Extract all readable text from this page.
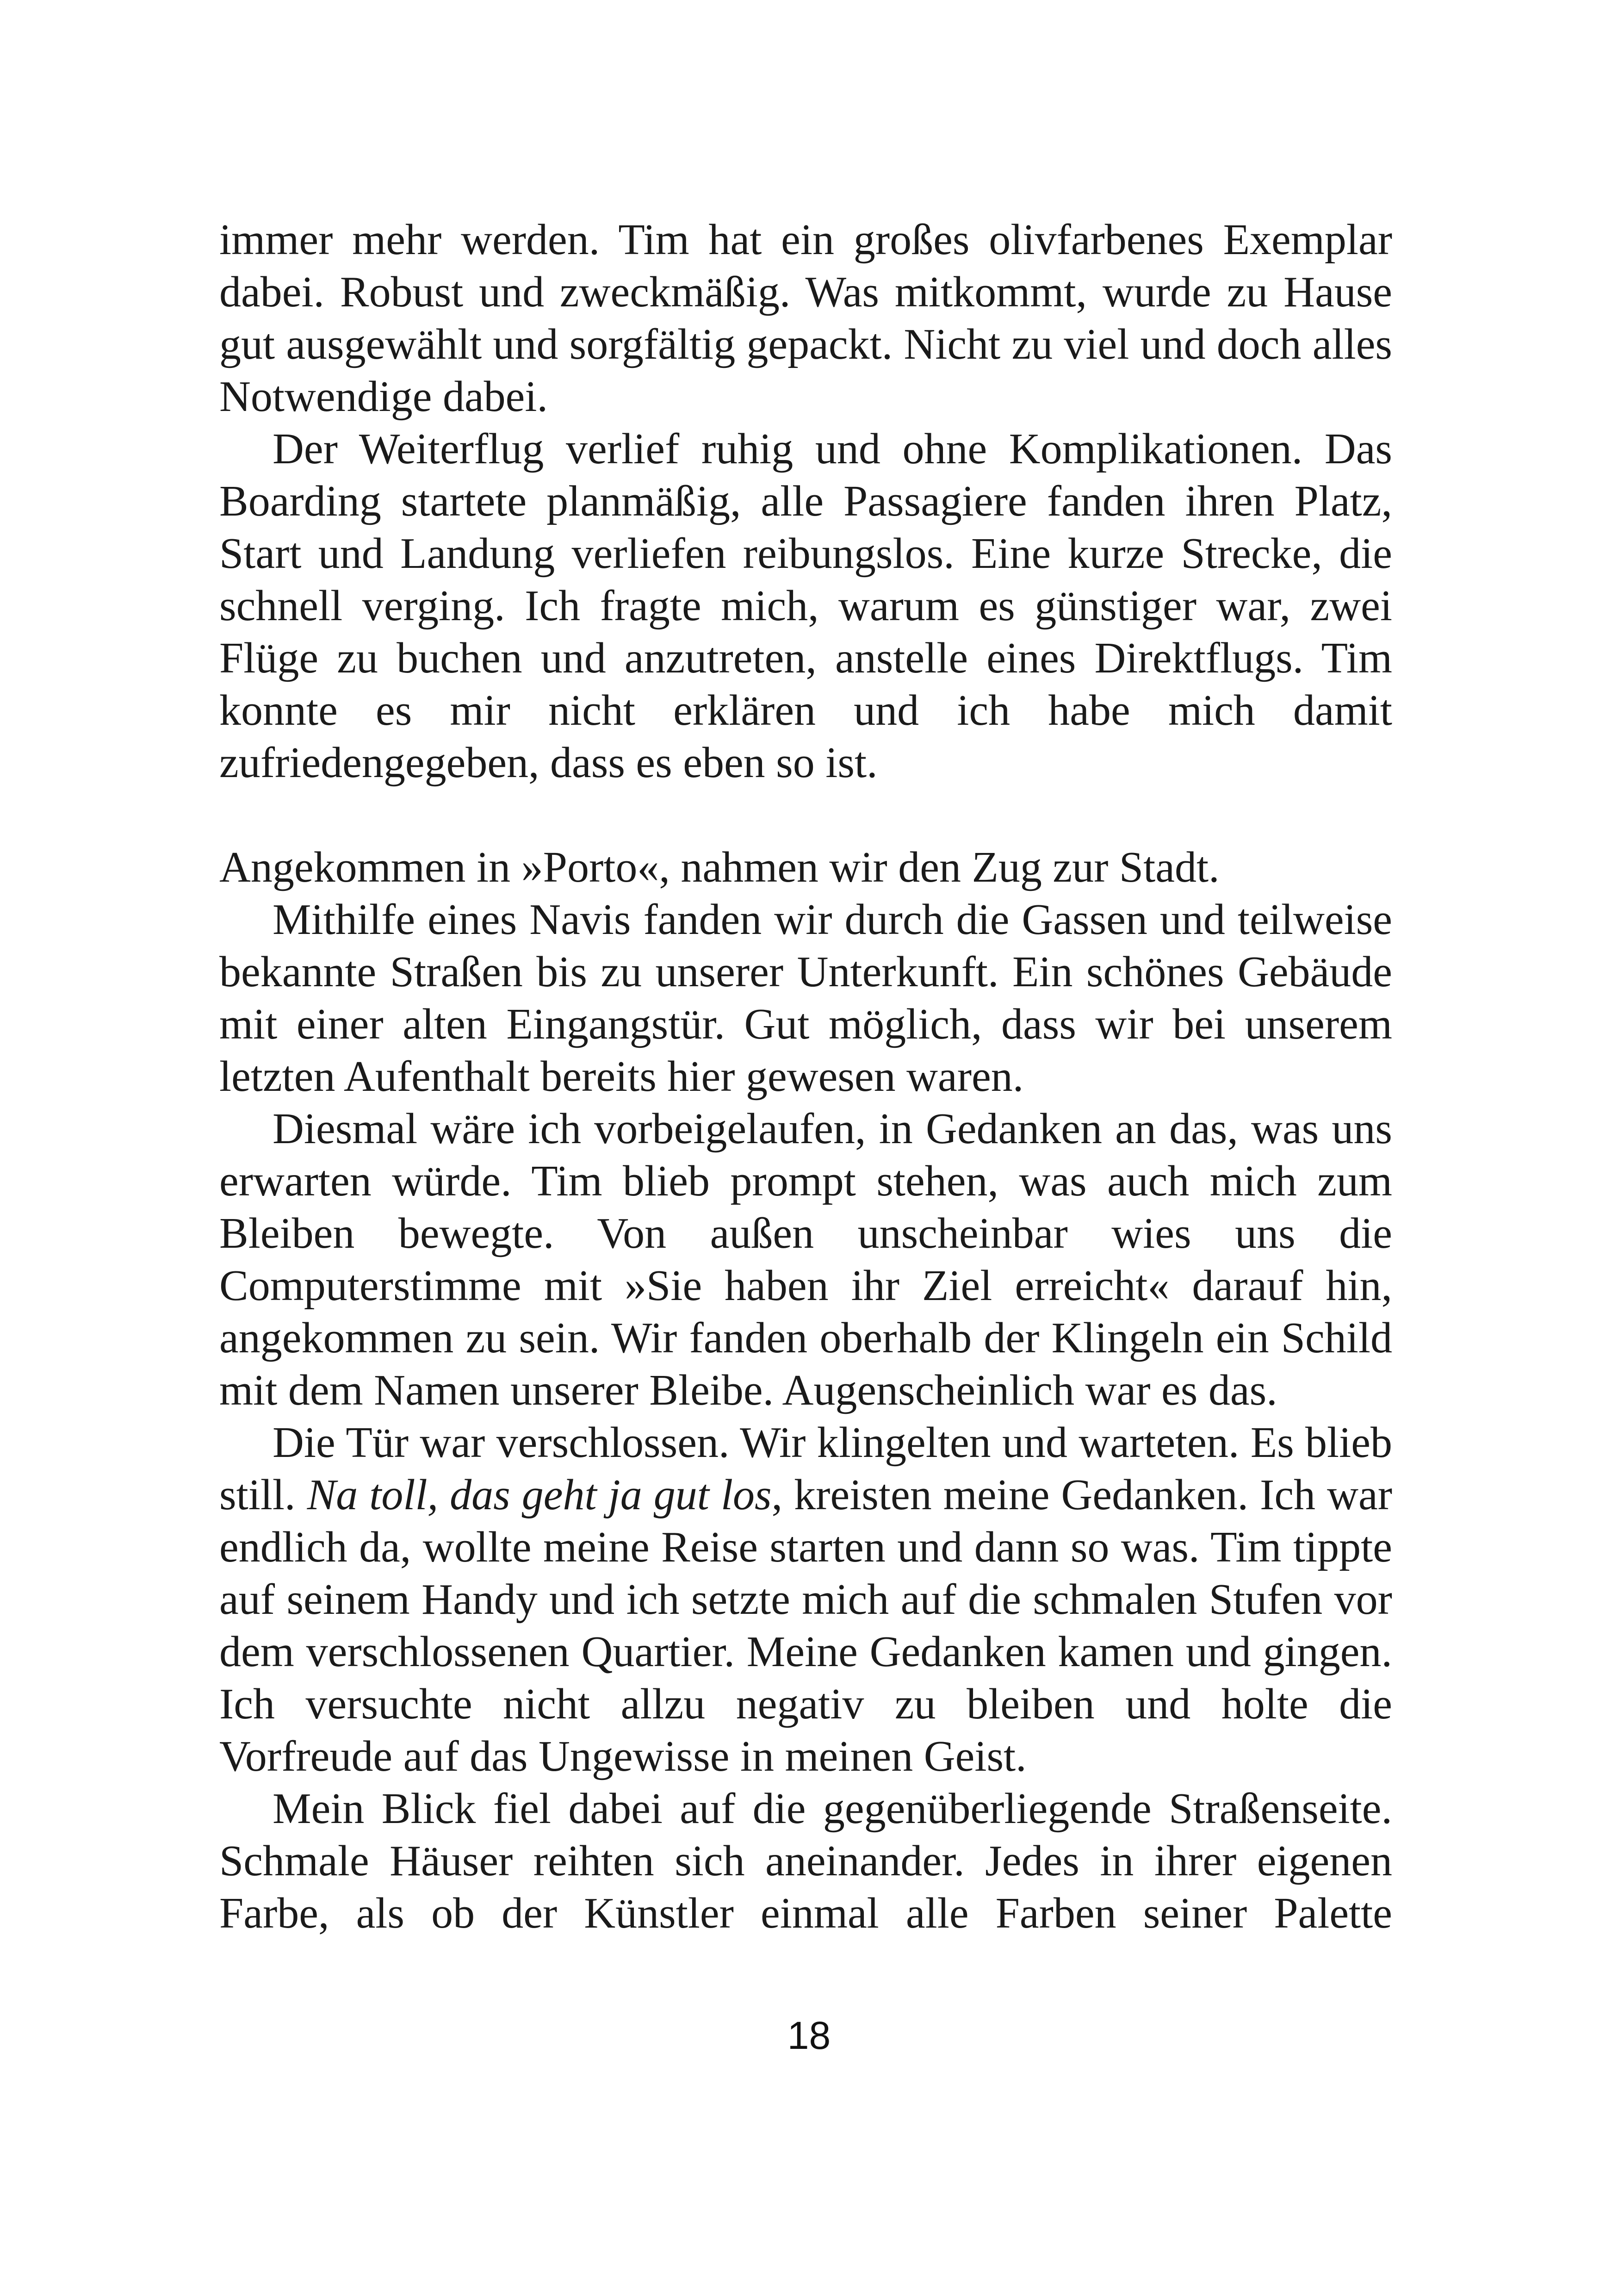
immer mehr werden. Tim hat ein großes olivfarbenes Exemplar dabei. Robust und zweckmäßig. Was mitkommt, wurde zu Hause gut ausgewählt und sorgfältig gepackt. Nicht zu viel und doch alles Notwendige dabei.

Der Weiterflug verlief ruhig und ohne Komplikationen. Das Boarding startete planmäßig, alle Passagiere fanden ihren Platz, Start und Landung verliefen reibungslos. Eine kurze Strecke, die schnell verging. Ich fragte mich, warum es günstiger war, zwei Flüge zu buchen und anzutreten, anstelle eines Direktflugs. Tim konnte es mir nicht erklären und ich habe mich damit zufriedengegeben, dass es eben so ist.

Angekommen in »Porto«, nahmen wir den Zug zur Stadt.

Mithilfe eines Navis fanden wir durch die Gassen und teilweise bekannte Straßen bis zu unserer Unterkunft. Ein schönes Gebäude mit einer alten Eingangstür. Gut möglich, dass wir bei unserem letzten Aufenthalt bereits hier gewesen waren.

Diesmal wäre ich vorbeigelaufen, in Gedanken an das, was uns erwarten würde. Tim blieb prompt stehen, was auch mich zum Bleiben bewegte. Von außen unscheinbar wies uns die Computerstimme mit »Sie haben ihr Ziel erreicht« darauf hin, angekommen zu sein. Wir fanden oberhalb der Klingeln ein Schild mit dem Namen unserer Bleibe. Augenscheinlich war es das.

Die Tür war verschlossen. Wir klingelten und warteten. Es blieb still. Na toll, das geht ja gut los, kreisten meine Gedanken. Ich war endlich da, wollte meine Reise starten und dann so was. Tim tippte auf seinem Handy und ich setzte mich auf die schmalen Stufen vor dem verschlossenen Quartier. Meine Gedanken kamen und gingen. Ich versuchte nicht allzu negativ zu bleiben und holte die Vorfreude auf das Ungewisse in meinen Geist.

Mein Blick fiel dabei auf die gegenüberliegende Straßenseite. Schmale Häuser reihten sich aneinander. Jedes in ihrer eigenen Farbe, als ob der Künstler einmal alle Farben seiner Palette

18
